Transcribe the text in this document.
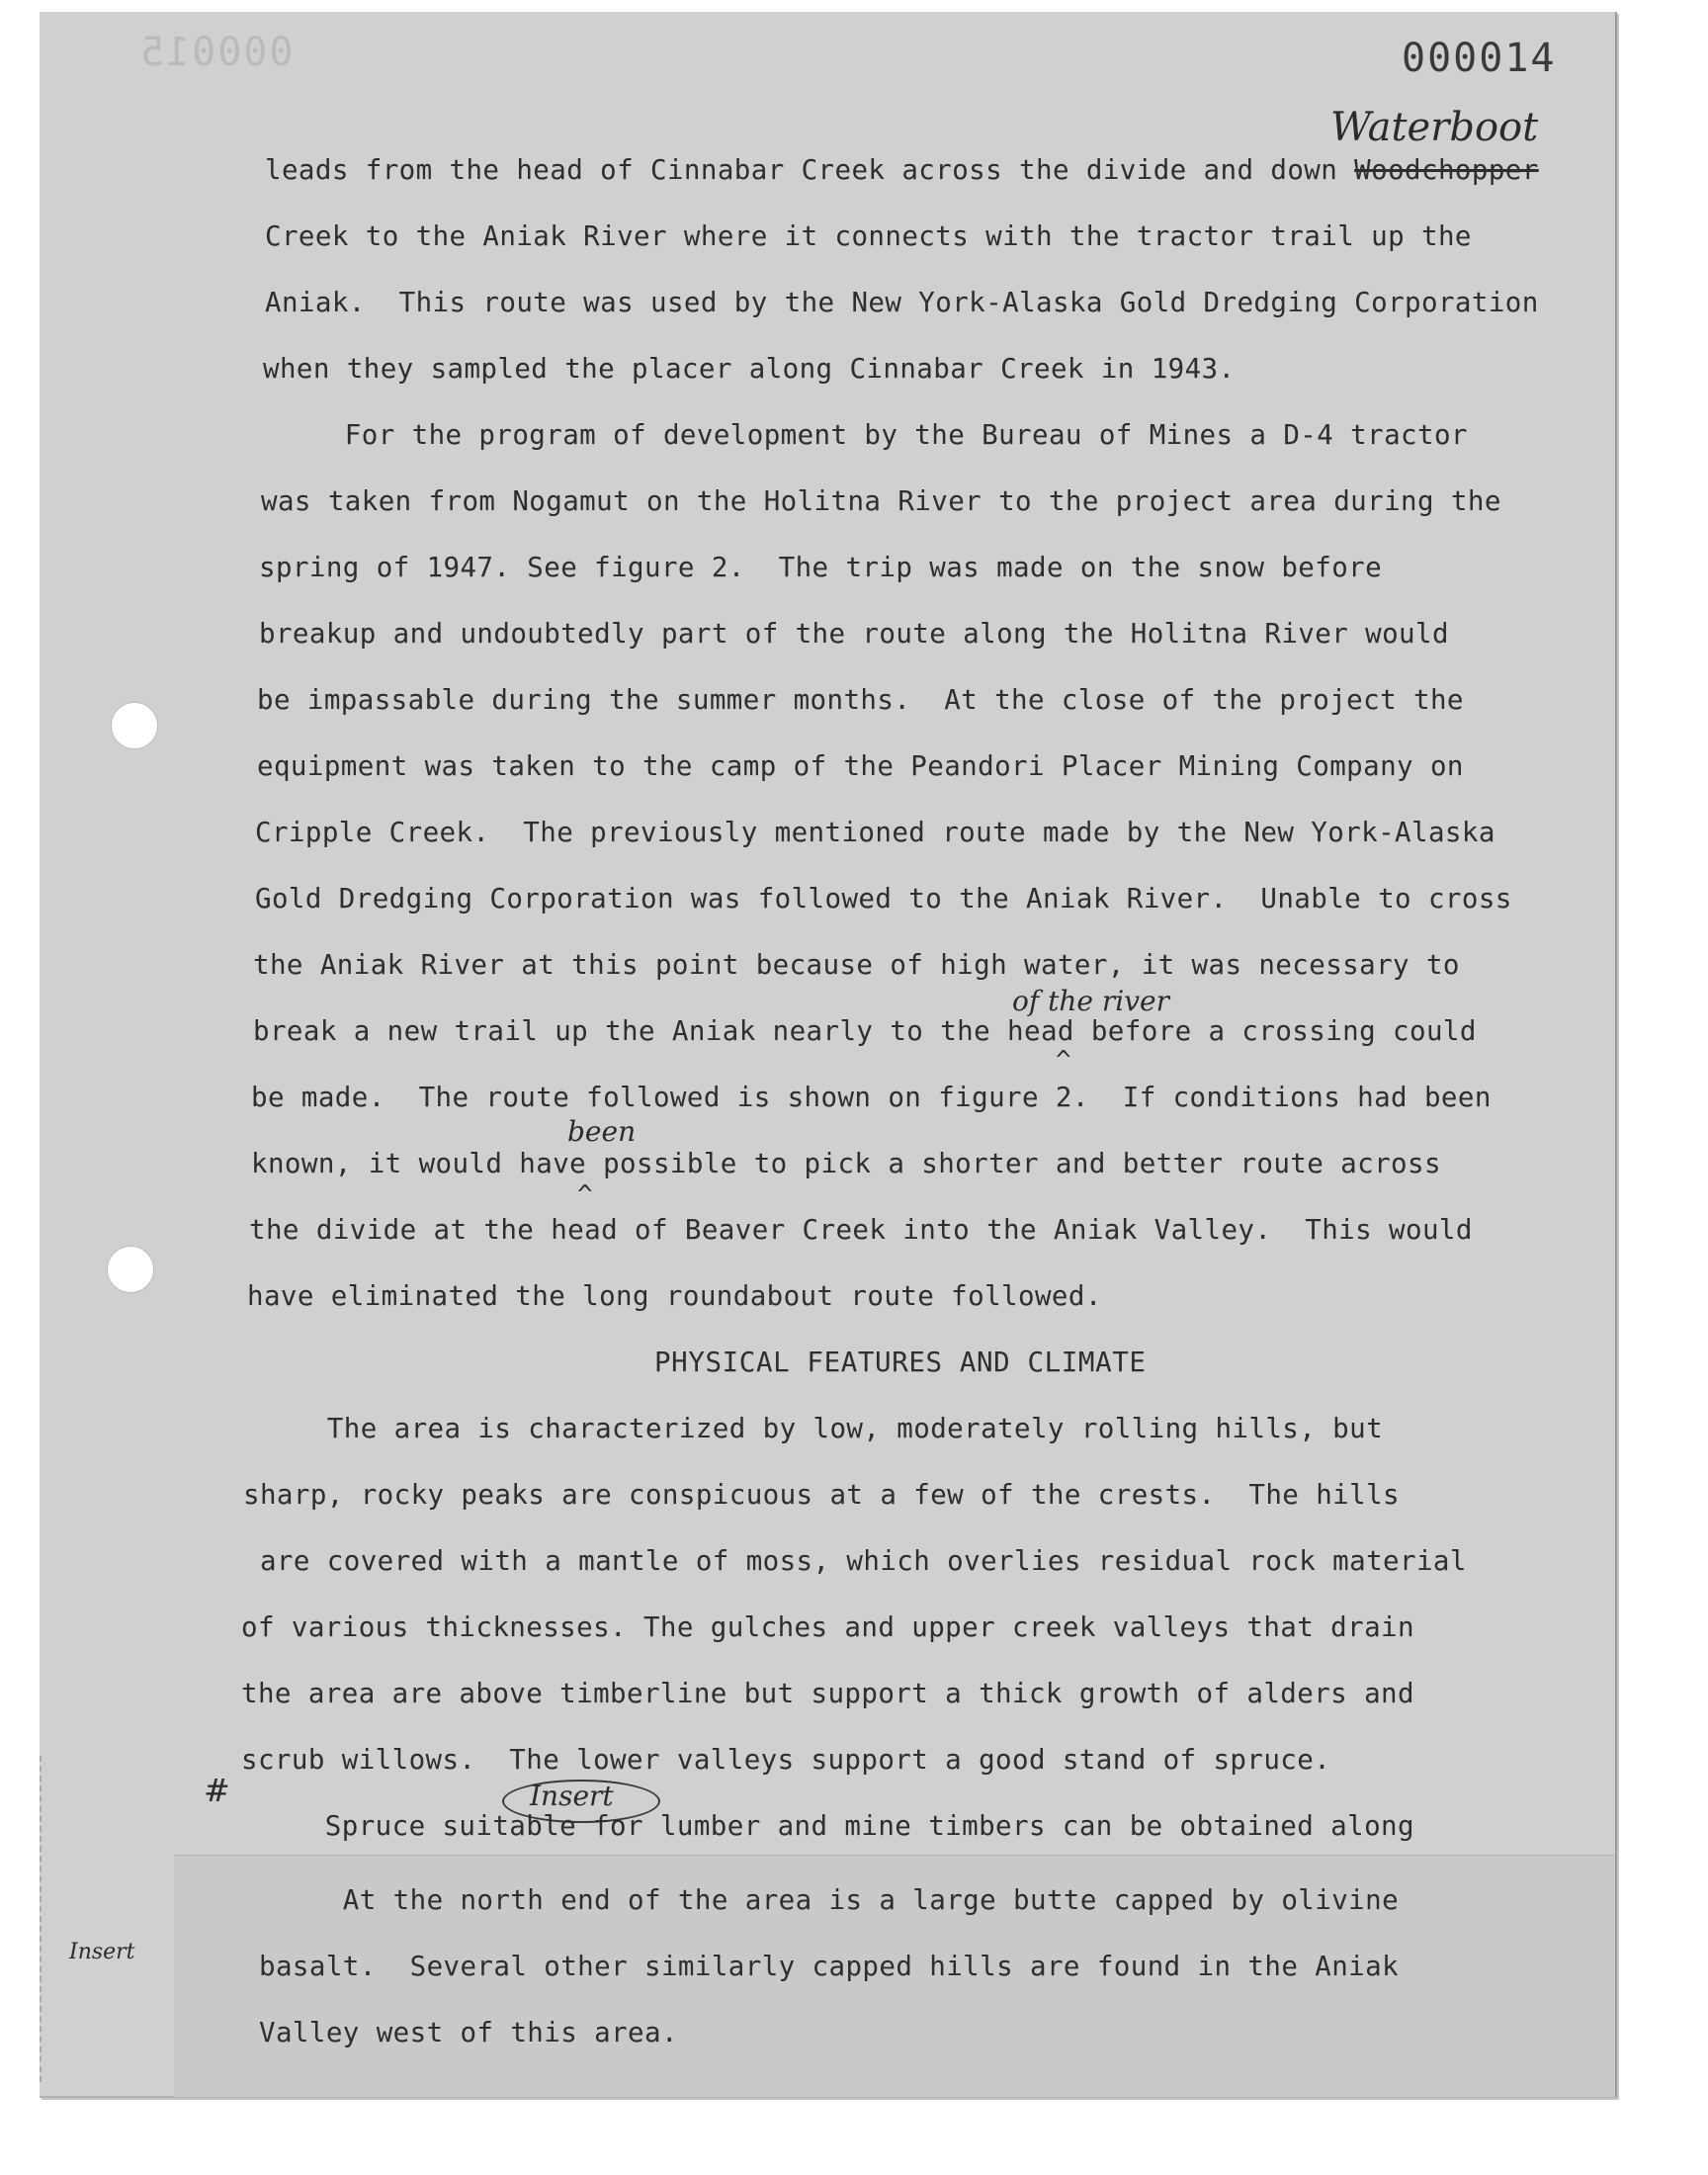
000015	000014
Waterboot
leads from the head of Cinnabar Creek across the divide and down Woodchopper
Creek to the Aniak River where it connects with the tractor trail up the
Aniak.  This route was used by the New York-Alaska Gold Dredging Corporation
when they sampled the placer along Cinnabar Creek in 1943.
For the program of development by the Bureau of Mines a D-4 tractor
was taken from Nogamut on the Holitna River to the project area during the
spring of 1947. See figure 2.  The trip was made on the snow before
breakup and undoubtedly part of the route along the Holitna River would
be impassable during the summer months.  At the close of the project the
equipment was taken to the camp of the Peandori Placer Mining Company on
Cripple Creek.  The previously mentioned route made by the New York-Alaska
Gold Dredging Corporation was followed to the Aniak River.  Unable to cross
the Aniak River at this point because of high water, it was necessary to
of the river
break a new trail up the Aniak nearly to the head before a crossing could
^
be made.  The route followed is shown on figure 2.  If conditions had been
been
known, it would have possible to pick a shorter and better route across
^
the divide at the head of Beaver Creek into the Aniak Valley.  This would
have eliminated the long roundabout route followed.
PHYSICAL FEATURES AND CLIMATE
The area is characterized by low, moderately rolling hills, but
sharp, rocky peaks are conspicuous at a few of the crests.  The hills
are covered with a mantle of moss, which overlies residual rock material
of various thicknesses. The gulches and upper creek valleys that drain
the area are above timberline but support a thick growth of alders and
scrub willows.  The lower valleys support a good stand of spruce.
#	Insert
Spruce suitable for lumber and mine timbers can be obtained along
Insert
At the north end of the area is a large butte capped by olivine
basalt.  Several other similarly capped hills are found in the Aniak
Valley west of this area.
